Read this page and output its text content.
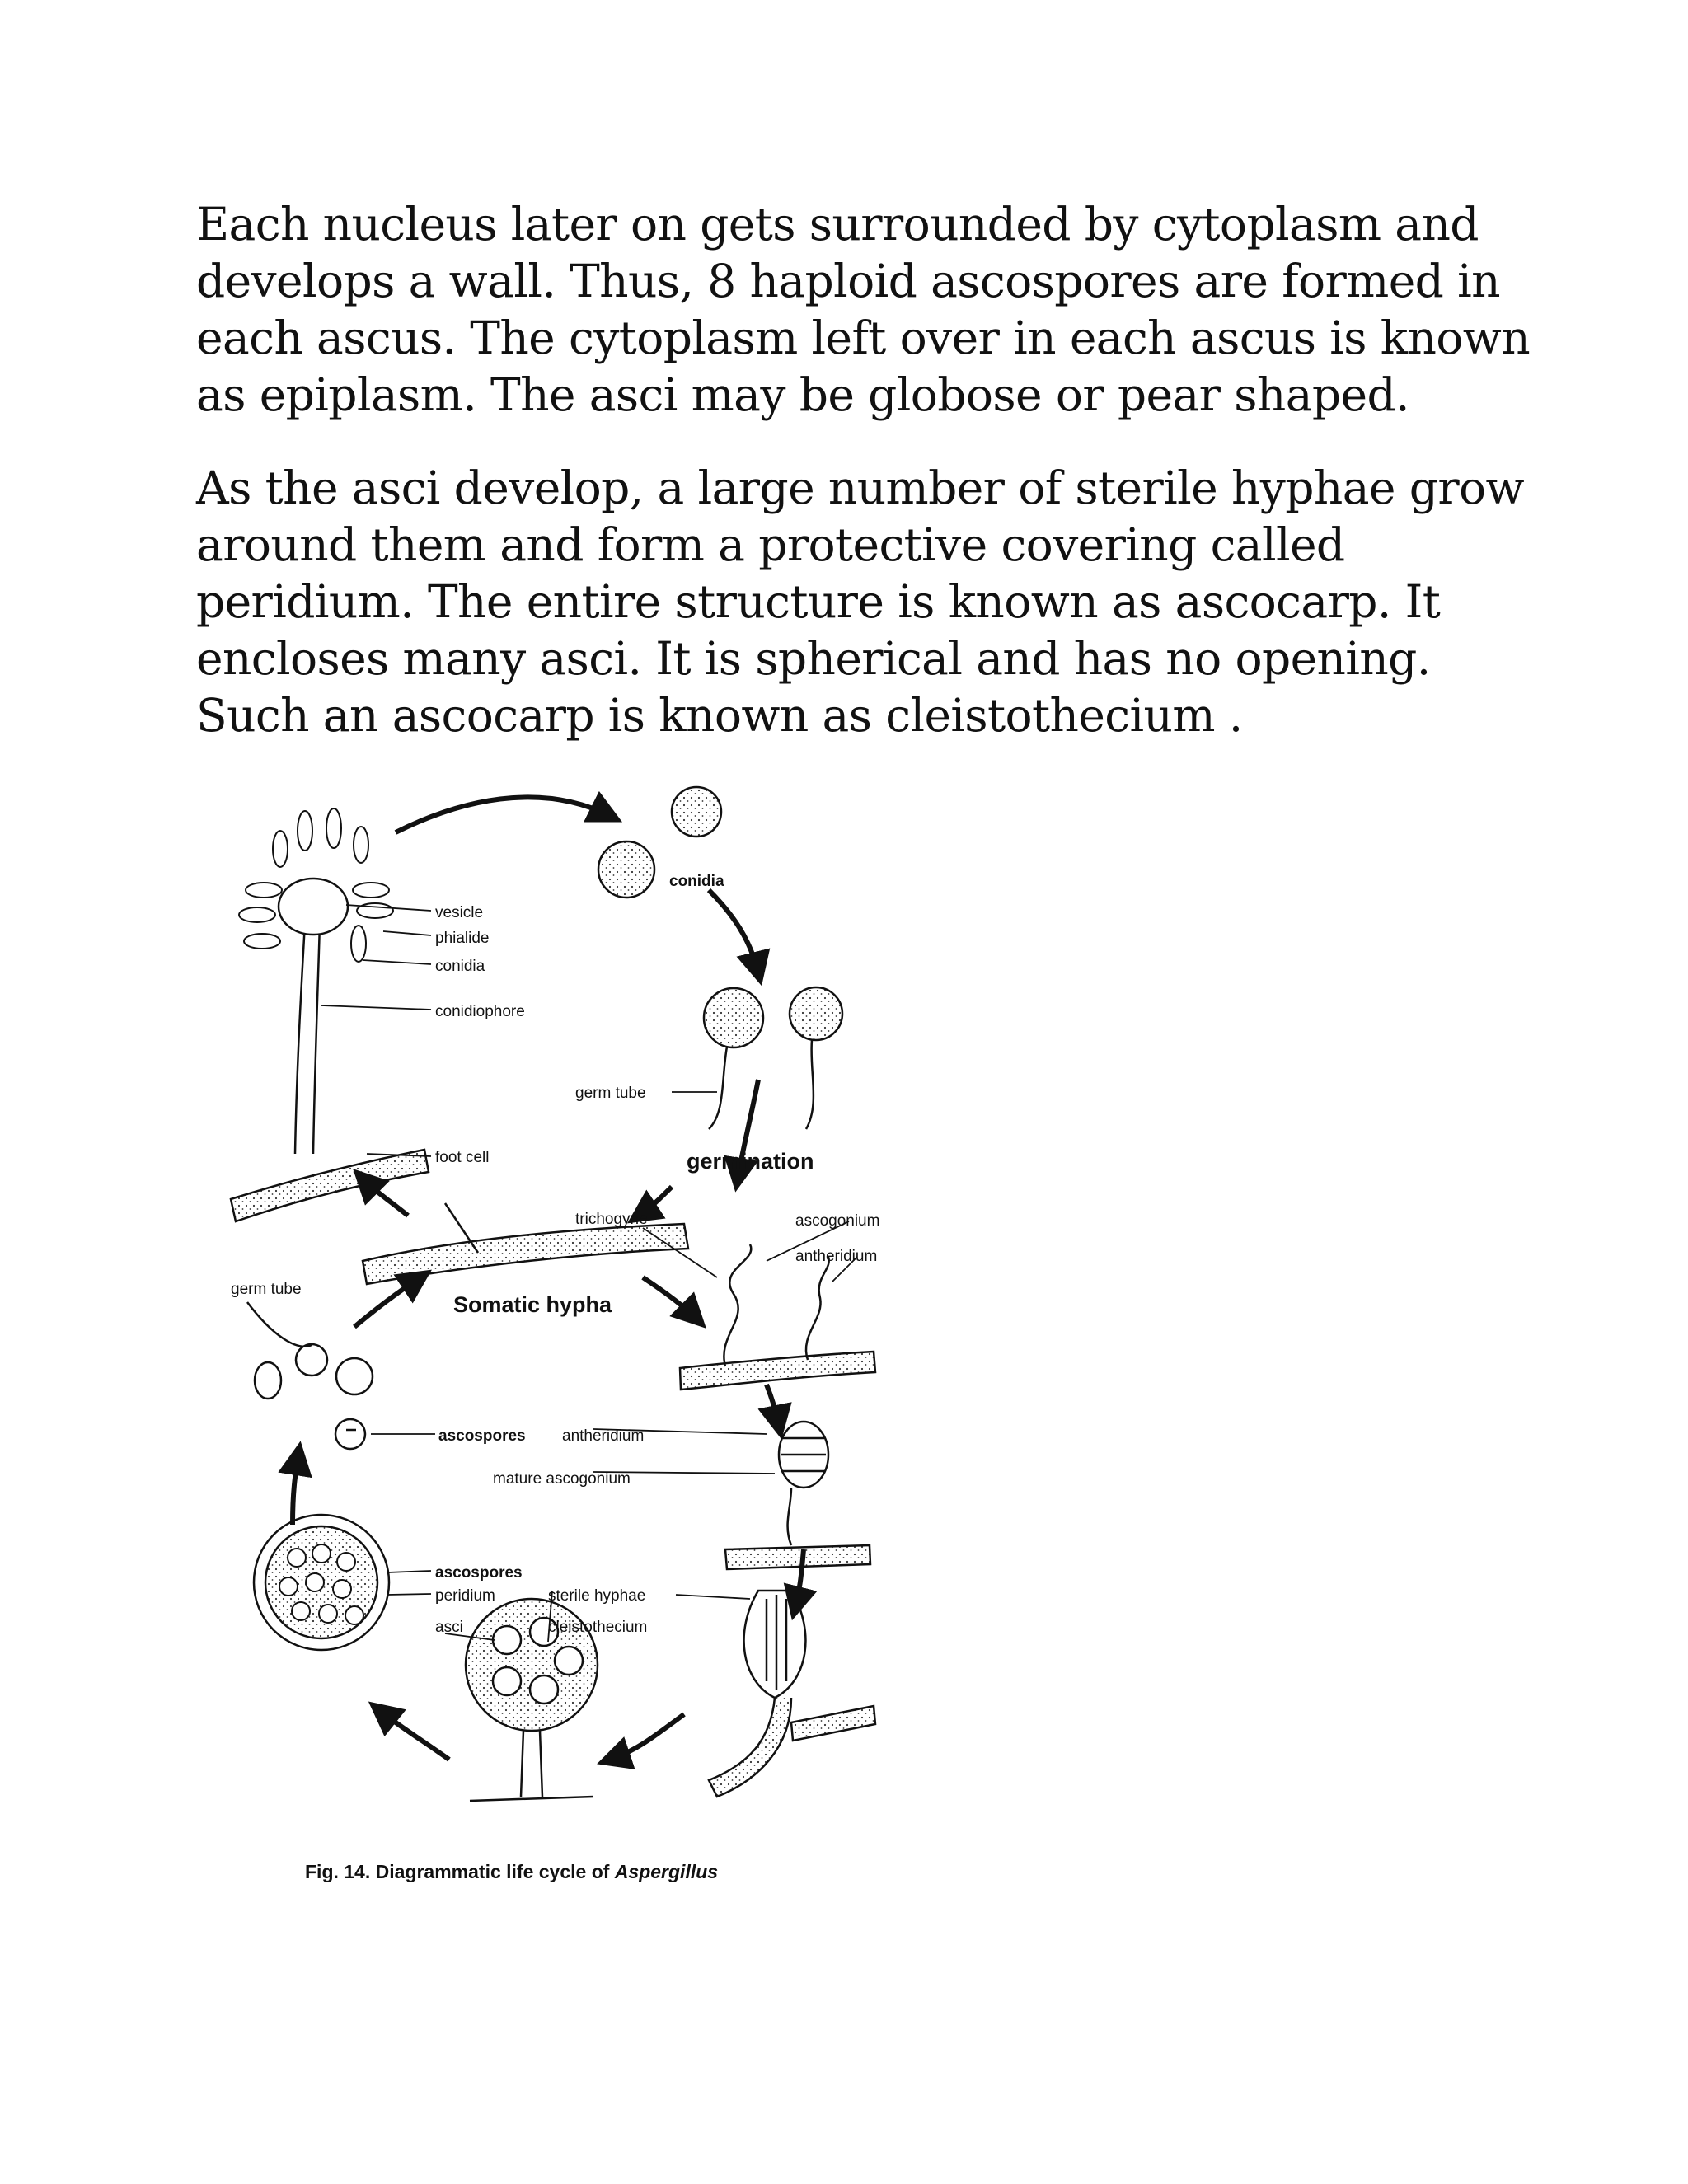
Each nucleus later on gets surrounded by cytoplasm and
develops a wall. Thus, 8 haploid ascospores are formed in
each ascus. The cytoplasm left over in each ascus is known
as epiplasm. The asci may be globose or pear shaped.

As the asci develop, a large number of sterile hyphae grow
around them and form a protective covering called
peridium. The entire structure is known as ascocarp. It
encloses many asci. It is spherical and has no opening.
Such an ascocarp is known as cleistothecium .

vesicle
phialide
conidia
conidiophore
foot cell
conidia
germ tube
germination
trichogyne	ascogonium
antheridium
germ tube
Somatic hypha
ascospores antheridium
mature ascogonium
ascospores
peridium	sterile hyphae
asci	cleistothecium
Fig. 14. Diagrammatic life cycle of Aspergillus
